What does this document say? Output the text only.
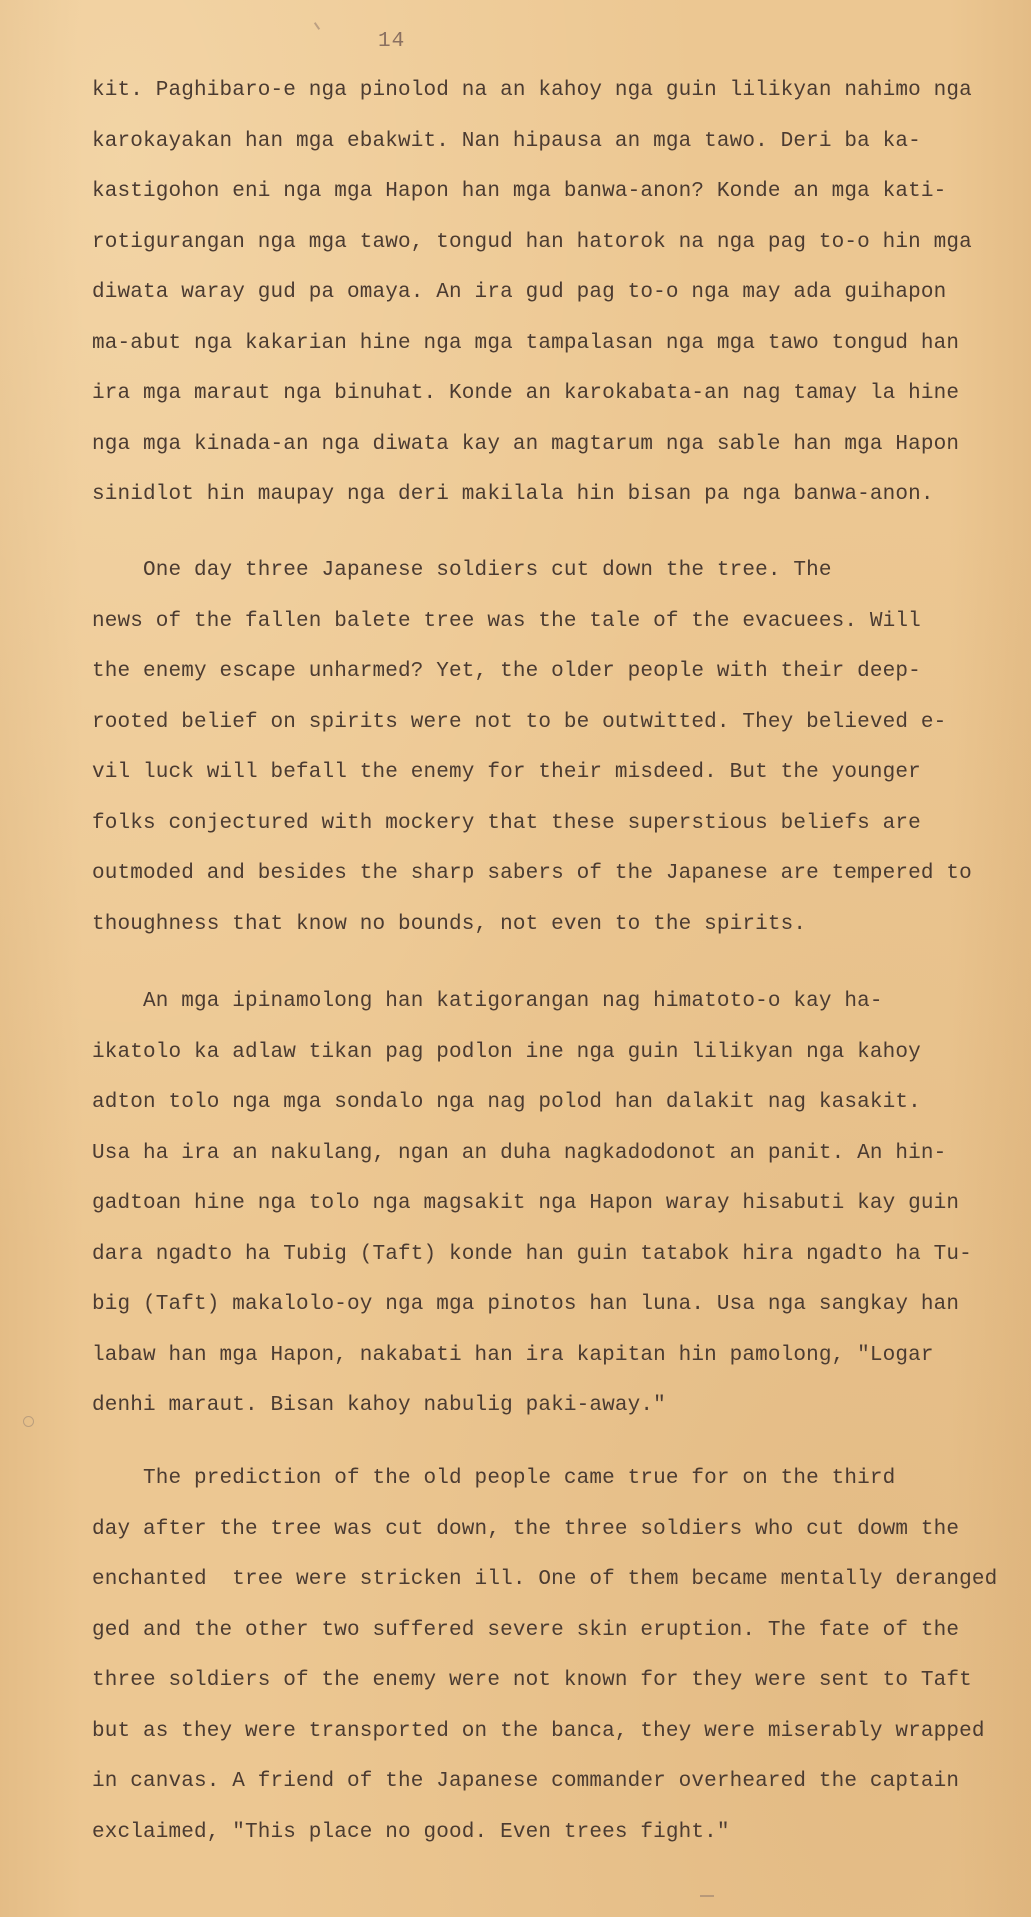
14
kit. Paghibaro-e nga pinolod na an kahoy nga guin lilikyan nahimo nga
karokayakan han mga ebakwit. Nan hipausa an mga tawo. Deri ba ka-
kastigohon eni nga mga Hapon han mga banwa-anon? Konde an mga kati-
rotigurangan nga mga tawo, tongud han hatorok na nga pag to-o hin mga
diwata waray gud pa omaya. An ira gud pag to-o nga may ada guihapon
ma-abut nga kakarian hine nga mga tampalasan nga mga tawo tongud han
ira mga maraut nga binuhat. Konde an karokabata-an nag tamay la hine
nga mga kinada-an nga diwata kay an magtarum nga sable han mga Hapon
sinidlot hin maupay nga deri makilala hin bisan pa nga banwa-anon.
One day three Japanese soldiers cut down the tree. The
news of the fallen balete tree was the tale of the evacuees. Will
the enemy escape unharmed? Yet, the older people with their deep-
rooted belief on spirits were not to be outwitted. They believed e-
vil luck will befall the enemy for their misdeed. But the younger
folks conjectured with mockery that these superstious beliefs are
outmoded and besides the sharp sabers of the Japanese are tempered to
thoughness that know no bounds, not even to the spirits.
An mga ipinamolong han katigorangan nag himatoto-o kay ha-
ikatolo ka adlaw tikan pag podlon ine nga guin lilikyan nga kahoy
adton tolo nga mga sondalo nga nag polod han dalakit nag kasakit.
Usa ha ira an nakulang, ngan an duha nagkadodonot an panit. An hin-
gadtoan hine nga tolo nga magsakit nga Hapon waray hisabuti kay guin
dara ngadto ha Tubig (Taft) konde han guin tatabok hira ngadto ha Tu-
big (Taft) makalolo-oy nga mga pinotos han luna. Usa nga sangkay han
labaw han mga Hapon, nakabati han ira kapitan hin pamolong, "Logar
denhi maraut. Bisan kahoy nabulig paki-away."
The prediction of the old people came true for on the third
day after the tree was cut down, the three soldiers who cut dowm the
enchanted  tree were stricken ill. One of them became mentally deranged
ged and the other two suffered severe skin eruption. The fate of the
three soldiers of the enemy were not known for they were sent to Taft
but as they were transported on the banca, they were miserably wrapped
in canvas. A friend of the Japanese commander overheared the captain
exclaimed, "This place no good. Even trees fight."
